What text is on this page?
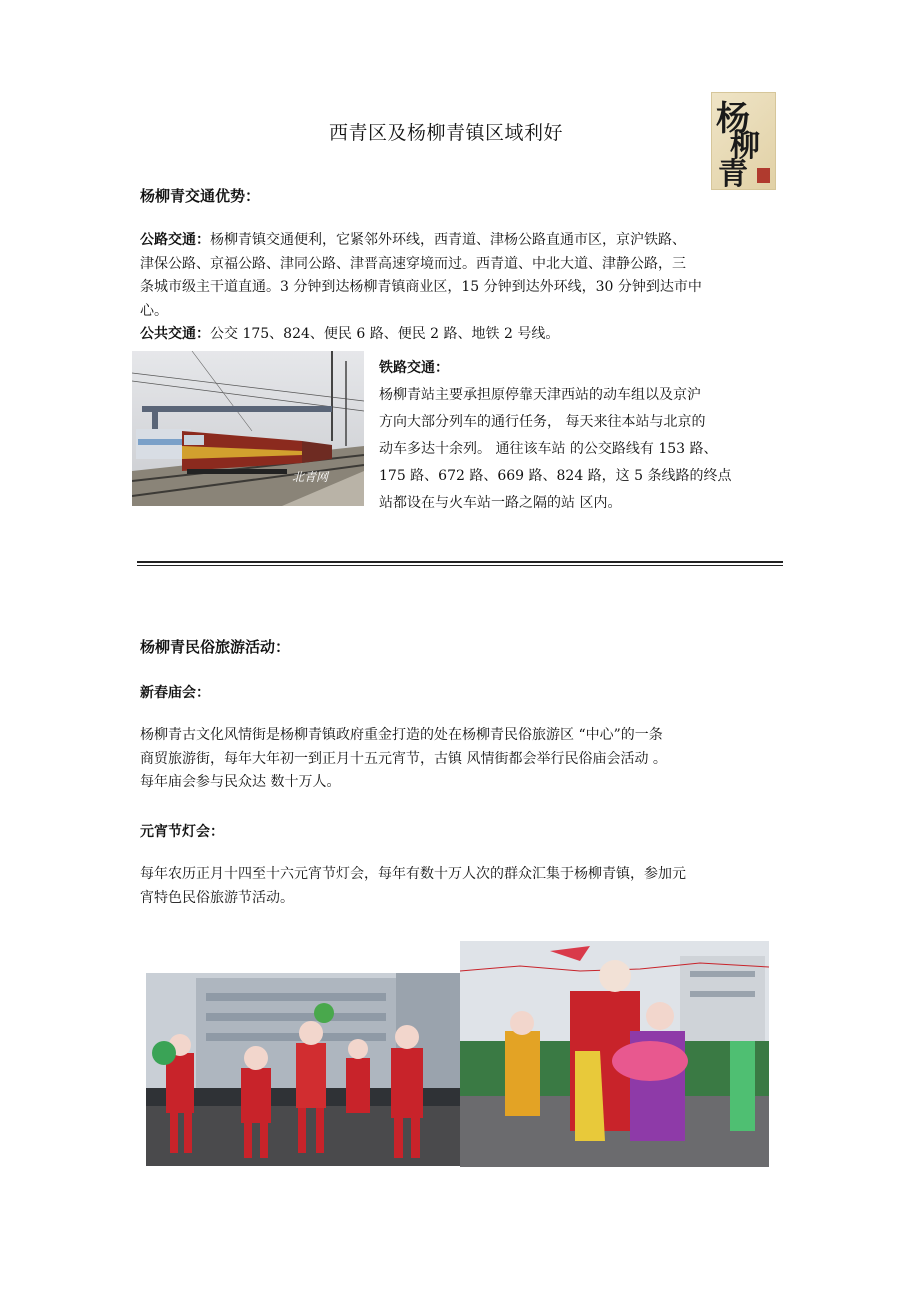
西青区及杨柳青镇区域利好	杨
柳
青
杨柳青交通优势：
公路交通：杨柳青镇交通便利，它紧邻外环线，西青道、津杨公路直通市区，京沪铁路、
津保公路、京福公路、津同公路、津晋高速穿境而过。西青道、中北大道、津静公路，三
条城市级主干道直通。3 分钟到达杨柳青镇商业区，15 分钟到达外环线，30 分钟到达市中
心。
公共交通：公交 175、824、便民 6 路、便民 2 路、地铁 2 号线。
北青网
铁路交通：
杨柳青站主要承担原停靠天津西站的动车组以及京沪
方向大部分列车的通行任务， 每天来往本站与北京的
动车多达十余列。 通往该车站 的公交路线有 153 路、
175 路、672 路、669 路、824 路，这 5 条线路的终点
站都设在与火车站一路之隔的站 区内。
杨柳青民俗旅游活动：
新春庙会：
杨柳青古文化风情街是杨柳青镇政府重金打造的处在杨柳青民俗旅游区 “中心”的一条
商贸旅游街，每年大年初一到正月十五元宵节，古镇 风情街都会举行民俗庙会活动 。
每年庙会参与民众达 数十万人。
元宵节灯会：
每年农历正月十四至十六元宵节灯会，每年有数十万人次的群众汇集于杨柳青镇，参加元
宵特色民俗旅游节活动。
